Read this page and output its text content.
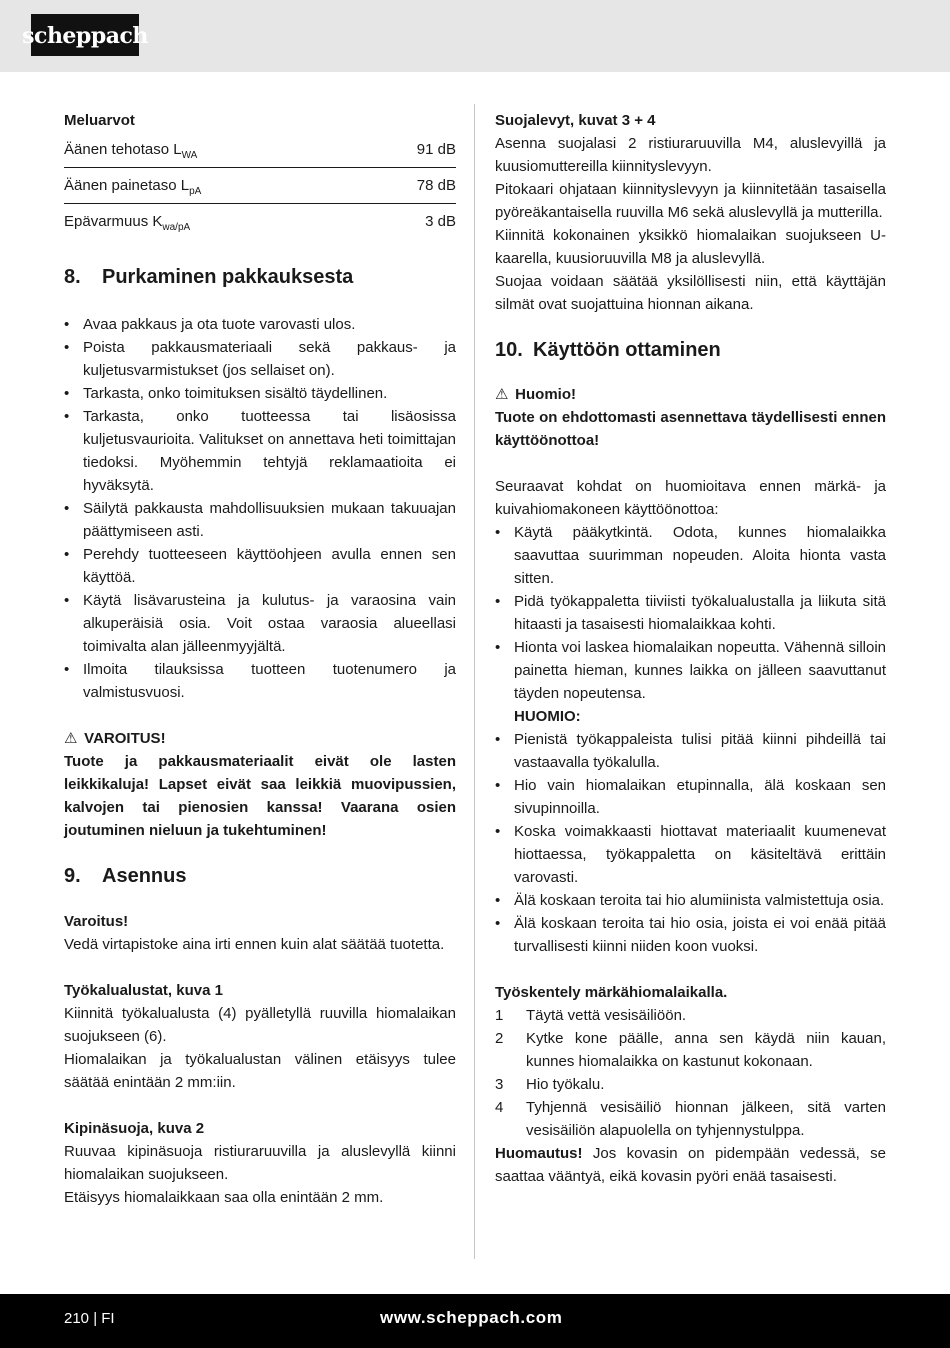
scheppach

Meluarvot

Äänen tehotaso $L_{WA}$	91 dB
Äänen painetaso $L_{pA}$	78 dB
Epävarmuus $K_{wa/pA}$	3 dB
8.	Purkaminen pakkauksesta
• Avaa pakkaus ja ota tuote varovasti ulos.
• Poista pakkausmateriaali sekä pakkaus- ja kuljetusvarmistukset (jos sellaiset on).
• Tarkasta, onko toimituksen sisältö täydellinen.
• Tarkasta, onko tuotteessa tai lisäosissa kuljetusvaurioita. Valitukset on annettava heti toimittajan tiedoksi. Myöhemmin tehtyjä reklamaatioita ei hyväksytä.
• Säilytä pakkausta mahdollisuuksien mukaan takuuajan päättymiseen asti.
• Perehdy tuotteeseen käyttöohjeen avulla ennen sen käyttöä.
• Käytä lisävarusteina ja kulutus- ja varaosina vain alkuperäisiä osia. Voit ostaa varaosia alueellasi toimivalta alan jälleenmyyjältä.
• Ilmoita tilauksissa tuotteen tuotenumero ja valmistusvuosi.

⚠ VAROITUS!

Tuote ja pakkausmateriaalit eivät ole lasten leikkikaluja! Lapset eivät saa leikkiä muovipussien, kalvojen tai pienosien kanssa! Vaarana osien joutuminen nieluun ja tukehtuminen!

9.	Asennus

Varoitus!

Vedä virtapistoke aina irti ennen kuin alat säätää tuotetta.

Työkalualustat, kuva 1

Kiinnitä työkalualusta (4) pyälletyllä ruuvilla hiomalaikan suojukseen (6).

Hiomalaikan ja työkalualustan välinen etäisyys tulee säätää enintään 2 mm:iin.

Kipinäsuoja, kuva 2

Ruuvaa kipinäsuoja ristiuraruuvilla ja aluslevyllä kiinni hiomalaikan suojukseen.

Etäisyys hiomalaikkaan saa olla enintään 2 mm.

Suojalevyt, kuvat 3 + 4

Asenna suojalasi 2 ristiuraruuvilla M4, aluslevyillä ja kuusiomuttereilla kiinnityslevyyn.

Pitokaari ohjataan kiinnityslevyyn ja kiinnitetään tasaisella pyöreäkantaisella ruuvilla M6 sekä aluslevyllä ja mutterilla.

Kiinnitä kokonainen yksikkö hiomalaikan suojukseen U-kaarella, kuusioruuvilla M8 ja aluslevyllä.

Suojaa voidaan säätää yksilöllisesti niin, että käyttäjän silmät ovat suojattuina hionnan aikana.

10. Käyttöön ottaminen

⚠ Huomio!

Tuote on ehdottomasti asennettava täydellisesti ennen käyttöönottoa!

Seuraavat kohdat on huomioitava ennen märkä- ja kuivahiomakoneen käyttöönottoa:

• Käytä pääkytkintä. Odota, kunnes hiomalaikka saavuttaa suurimman nopeuden. Aloita hionta vasta sitten.
• Pidä työkappaletta tiiviisti työkalualustalla ja liikuta sitä hitaasti ja tasaisesti hiomalaikkaa kohti.
• Hionta voi laskea hiomalaikan nopeutta. Vähennä silloin painetta hieman, kunnes laikka on jälleen saavuttanut täyden nopeutensa.
HUOMIO:
• Pienistä työkappaleista tulisi pitää kiinni pihdeillä tai vastaavalla työkalulla.
• Hio vain hiomalaikan etupinnalla, älä koskaan sen sivupinnoilla.
• Koska voimakkaasti hiottavat materiaalit kuumenevat hiottaessa, työkappaletta on käsiteltävä erittäin varovasti.
• Älä koskaan teroita tai hio alumiinista valmistettuja osia.
• Älä koskaan teroita tai hio osia, joista ei voi enää pitää turvallisesti kiinni niiden koon vuoksi.

Työskentely märkähiomalaikalla.

1 Täytä vettä vesisäiliöön.
2 Kytke kone päälle, anna sen käydä niin kauan, kunnes hiomalaikka on kastunut kokonaan.
3 Hio työkalu.
4 Tyhjennä vesisäiliö hionnan jälkeen, sitä varten vesisäiliön alapuolella on tyhjennystulppa.

Huomautus! Jos kovasin on pidempään vedessä, se saattaa vääntyä, eikä kovasin pyöri enää tasaisesti.

210 | FI	www.scheppach.com
